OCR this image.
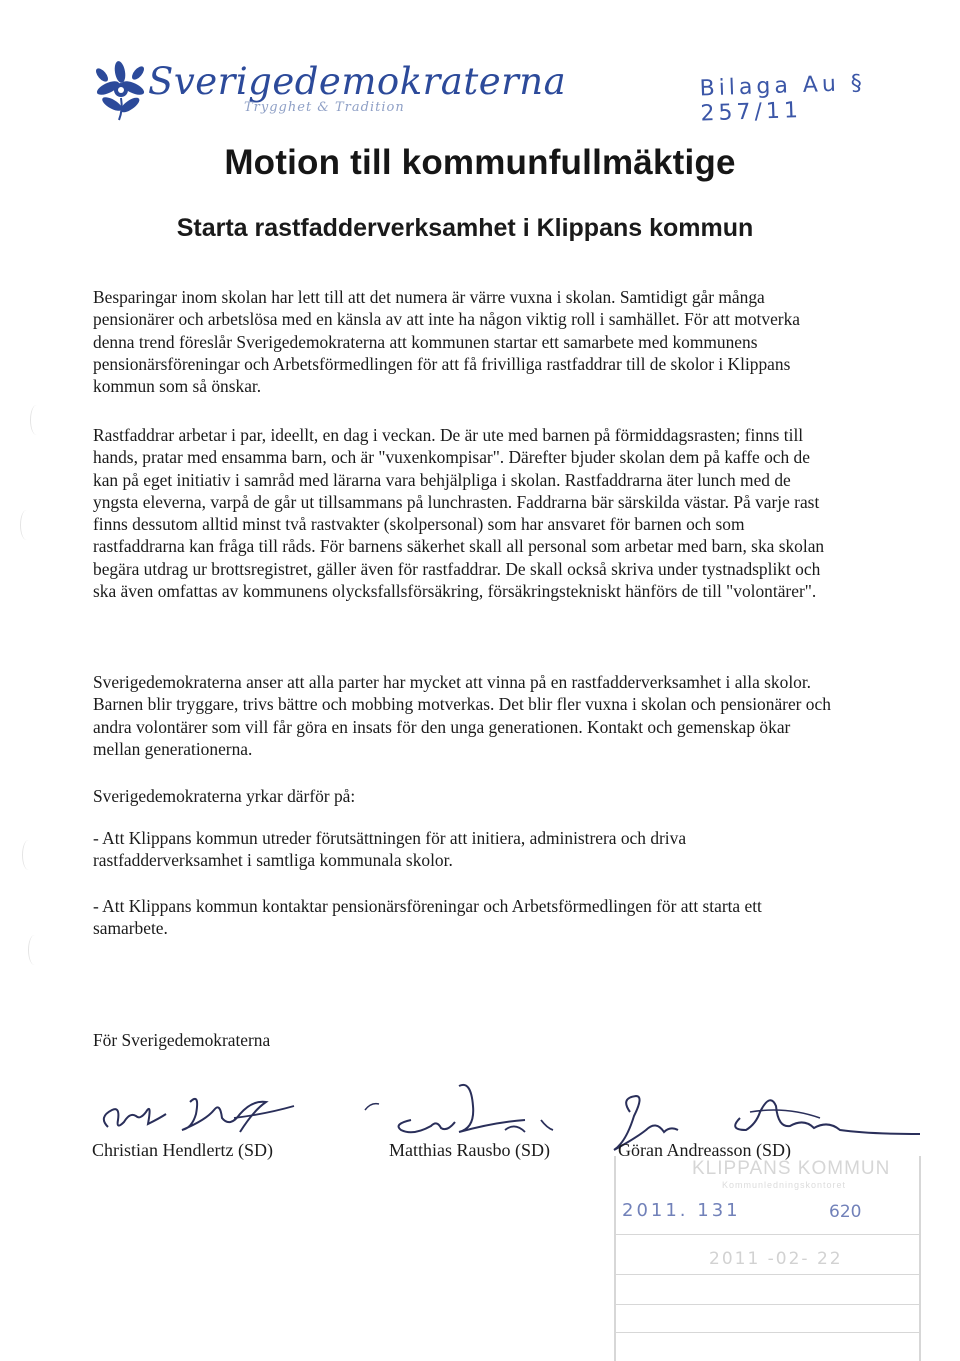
Sverigedemokraterna
Trygghet & Tradition
Bilaga Au § 257/11
Motion till kommunfullmäktige
Starta rastfadderverksamhet i Klippans kommun

Besparingar inom skolan har lett till att det numera är värre vuxna i skolan. Samtidigt går många pensionärer och arbetslösa med en känsla av att inte ha någon viktig roll i samhället. För att motverka denna trend föreslår Sverigedemokraterna att kommunen startar ett samarbete med kommunens pensionärsföreningar och Arbetsförmedlingen för att få frivilliga rastfaddrar till de skolor i Klippans kommun som så önskar.

Rastfaddrar arbetar i par, ideellt, en dag i veckan. De är ute med barnen på förmiddagsrasten; finns till hands, pratar med ensamma barn, och är "vuxenkompisar". Därefter bjuder skolan dem på kaffe och de kan på eget initiativ i samråd med lärarna vara behjälpliga i skolan. Rastfaddrarna äter lunch med de yngsta eleverna, varpå de går ut tillsammans på lunchrasten. Faddrarna bär särskilda västar. På varje rast finns dessutom alltid minst två rastvakter (skolpersonal) som har ansvaret för barnen och som rastfaddrarna kan fråga till råds. För barnens säkerhet skall all personal som arbetar med barn, ska skolan begära utdrag ur brottsregistret, gäller även för rastfaddrar. De skall också skriva under tystnadsplikt och ska även omfattas av kommunens olycksfallsförsäkring, försäkringstekniskt hänförs de till "volontärer".

Sverigedemokraterna anser att alla parter har mycket att vinna på en rastfadderverksamhet i alla skolor. Barnen blir tryggare, trivs bättre och mobbing motverkas. Det blir fler vuxna i skolan och pensionärer och andra volontärer som vill får göra en insats för den unga generationen. Kontakt och gemenskap ökar mellan generationerna.

Sverigedemokraterna yrkar därför på:

- Att Klippans kommun utreder förutsättningen för att initiera, administrera och driva rastfadderverksamhet i samtliga kommunala skolor.

- Att Klippans kommun kontaktar pensionärsföreningar och Arbetsförmedlingen för att starta ett samarbete.

För Sverigedemokraterna

Christian Hendlertz (SD)	Matthias Rausbo (SD)	Göran Andreasson (SD)
KLIPPANS KOMMUN
Kommunledningskontoret
2011. 131	620
2011 -02- 22
